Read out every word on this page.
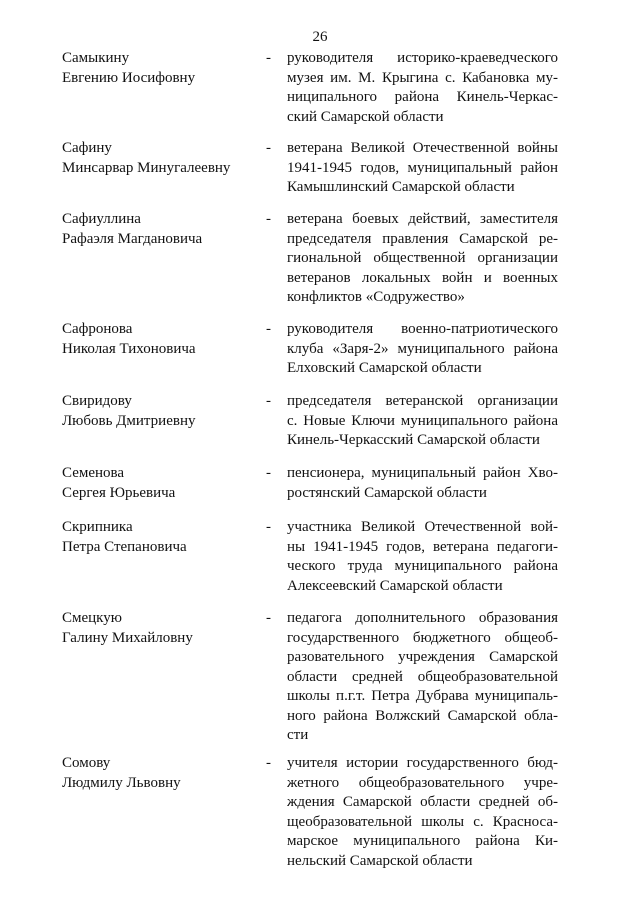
26
Самыкину
Евгению Иосифовну
- руководителя историко-краеведческого
музея им. М. Крыгина с. Кабановка му-
ниципального района Кинель-Черкас-
ский Самарской области
Сафину
Минсарвар Минугалеевну
- ветерана Великой Отечественной войны
1941-1945 годов, муниципальный район
Камышлинский Самарской области
Сафиуллина
Рафаэля Магдановича
- ветерана боевых действий, заместителя
председателя правления Самарской ре-
гиональной общественной организации
ветеранов локальных войн и военных
конфликтов «Содружество»
Сафронова
Николая Тихоновича
- руководителя военно-патриотического
клуба «Заря-2» муниципального района
Елховский Самарской области
Свиридову
Любовь Дмитриевну
- председателя ветеранской организации
с. Новые Ключи муниципального района
Кинель-Черкасский Самарской области
Семенова
Сергея Юрьевича
- пенсионера, муниципальный район Хво-
ростянский Самарской области
Скрипника
Петра Степановича
- участника Великой Отечественной вой-
ны 1941-1945 годов, ветерана педагоги-
ческого труда муниципального района
Алексеевский Самарской области
Смецкую
Галину Михайловну
- педагога дополнительного образования
государственного бюджетного общеоб-
разовательного учреждения Самарской
области средней общеобразовательной
школы п.г.т. Петра Дубрава муниципаль-
ного района Волжский Самарской обла-
сти
Сомову
Людмилу Львовну
- учителя истории государственного бюд-
жетного общеобразовательного учре-
ждения Самарской области средней об-
щеобразовательной школы с. Красноса-
марское муниципального района Ки-
нельский Самарской области
